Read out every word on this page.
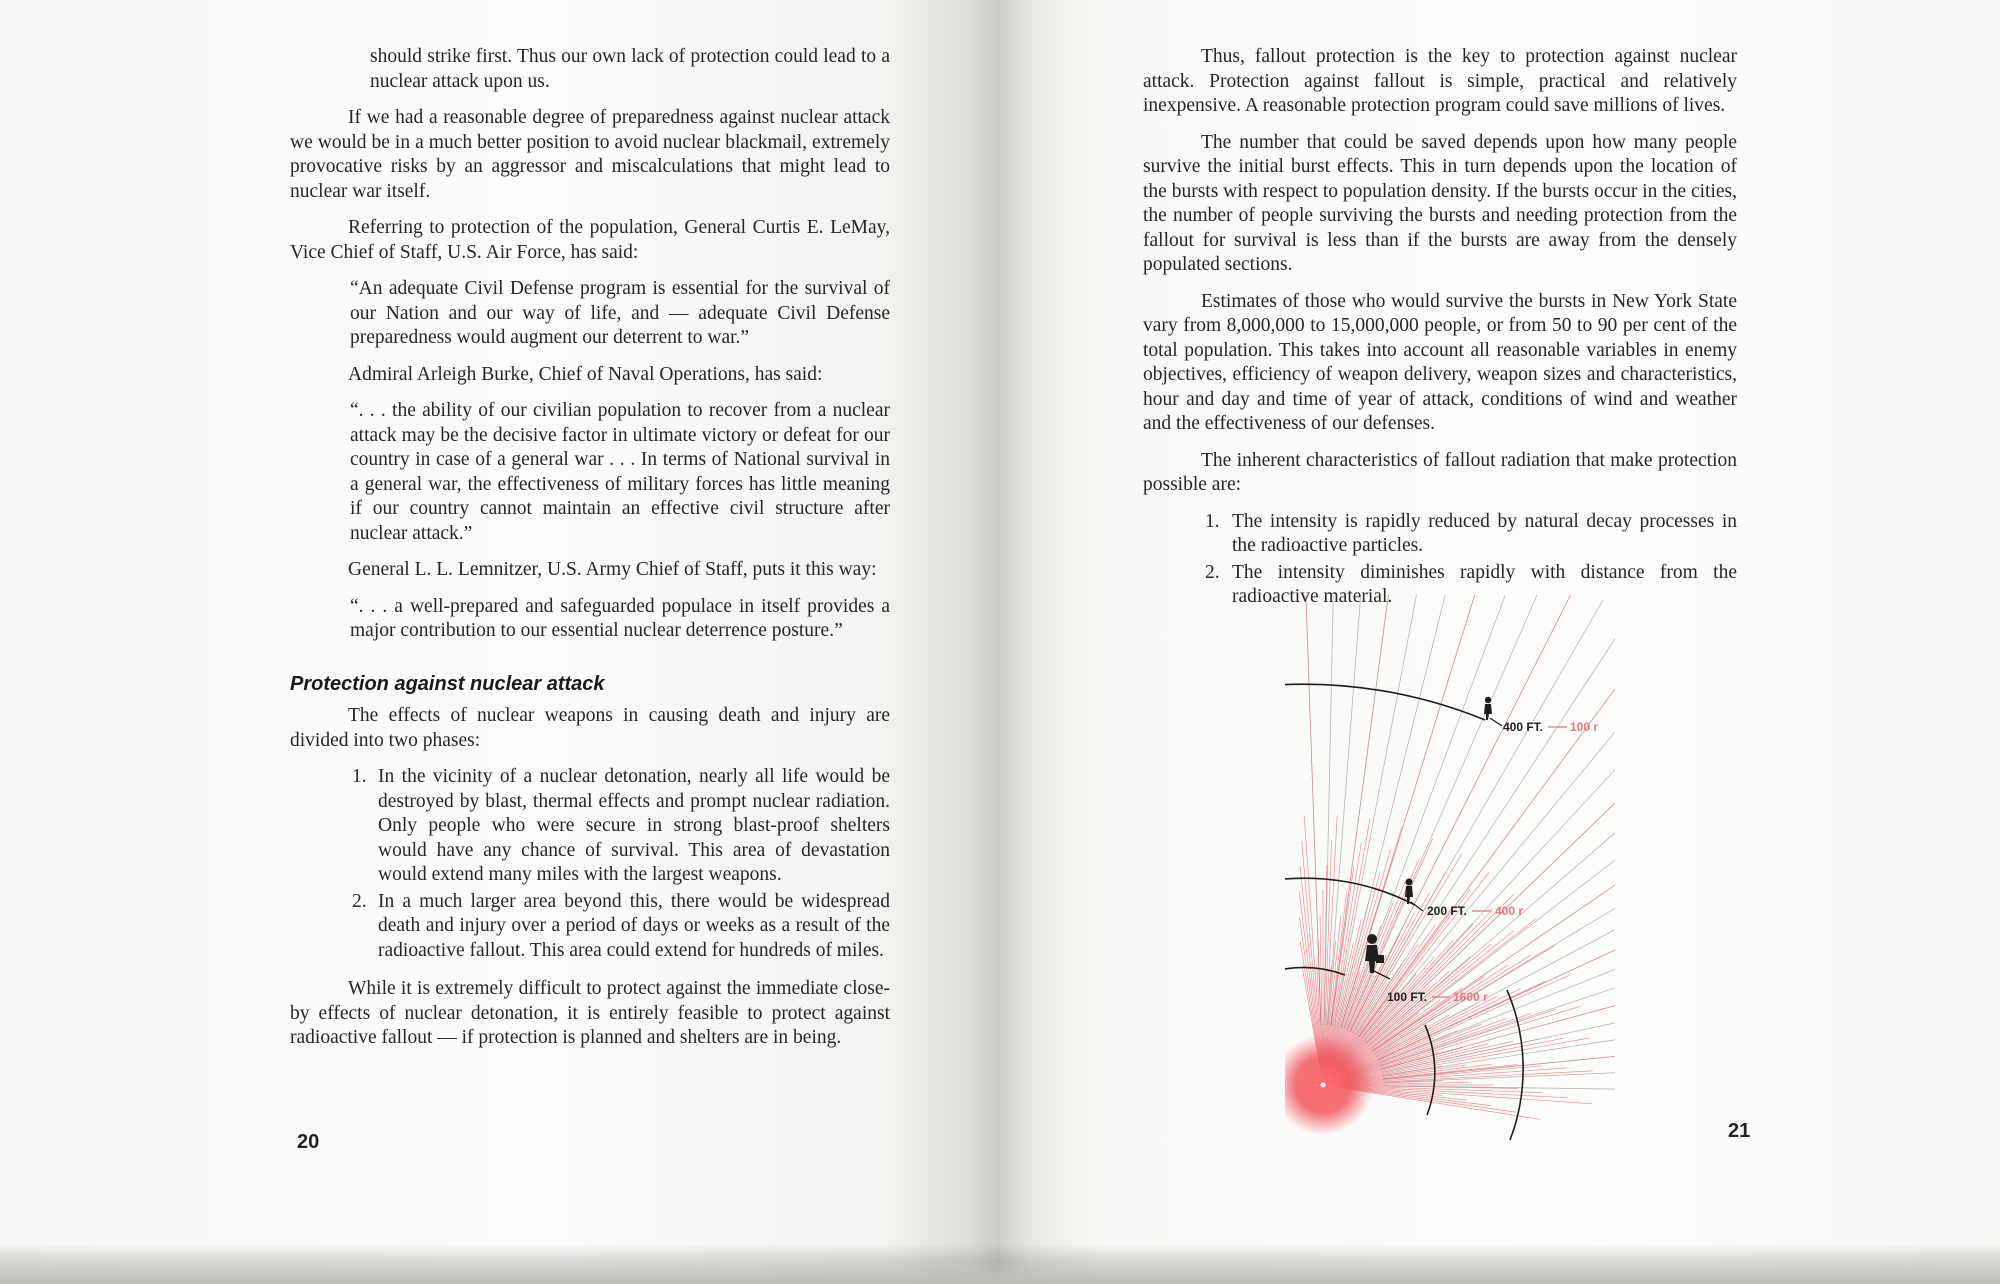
should strike first. Thus our own lack of protection could lead to a nuclear attack upon us.

If we had a reasonable degree of preparedness against nuclear attack we would be in a much better position to avoid nuclear blackmail, extremely provocative risks by an aggressor and miscalculations that might lead to nuclear war itself.

Referring to protection of the population, General Curtis E. LeMay, Vice Chief of Staff, U.S. Air Force, has said:

“An adequate Civil Defense program is essential for the survival of our Nation and our way of life, and — adequate Civil Defense preparedness would augment our deterrent to war.”

Admiral Arleigh Burke, Chief of Naval Operations, has said:

“. . . the ability of our civilian population to recover from a nuclear attack may be the decisive factor in ultimate victory or defeat for our country in case of a general war . . . In terms of National survival in a general war, the effectiveness of military forces has little meaning if our country cannot maintain an effective civil structure after nuclear attack.”

General L. L. Lemnitzer, U.S. Army Chief of Staff, puts it this way:

“. . . a well-prepared and safeguarded populace in itself provides a major contribution to our essential nuclear deterrence posture.”

Protection against nuclear attack

The effects of nuclear weapons in causing death and injury are divided into two phases:

1. In the vicinity of a nuclear detonation, nearly all life would be destroyed by blast, thermal effects and prompt nuclear radiation. Only people who were secure in strong blast-proof shelters would have any chance of survival. This area of devastation would extend many miles with the largest weapons.
2. In a much larger area beyond this, there would be widespread death and injury over a period of days or weeks as a result of the radioactive fallout. This area could extend for hundreds of miles.

While it is extremely difficult to protect against the immediate close-by effects of nuclear detonation, it is entirely feasible to protect against radioactive fallout — if protection is planned and shelters are in being.

20

Thus, fallout protection is the key to protection against nuclear attack. Protection against fallout is simple, practical and relatively inexpensive. A reasonable protection program could save millions of lives.

The number that could be saved depends upon how many people survive the initial burst effects. This in turn depends upon the location of the bursts with respect to population density. If the bursts occur in the cities, the number of people surviving the bursts and needing protection from the fallout for survival is less than if the bursts are away from the densely populated sections.

Estimates of those who would survive the bursts in New York State vary from 8,000,000 to 15,000,000 people, or from 50 to 90 per cent of the total population. This takes into account all reasonable variables in enemy objectives, efficiency of weapon delivery, weapon sizes and characteristics, hour and day and time of year of attack, conditions of wind and weather and the effectiveness of our defenses.

The inherent characteristics of fallout radiation that make protection possible are:

1. The intensity is rapidly reduced by natural decay processes in the radioactive particles.
2. The intensity diminishes rapidly with distance from the radioactive material.
400 FT. 100 r
200 FT. 400 r
100 FT. 1600 r
21
